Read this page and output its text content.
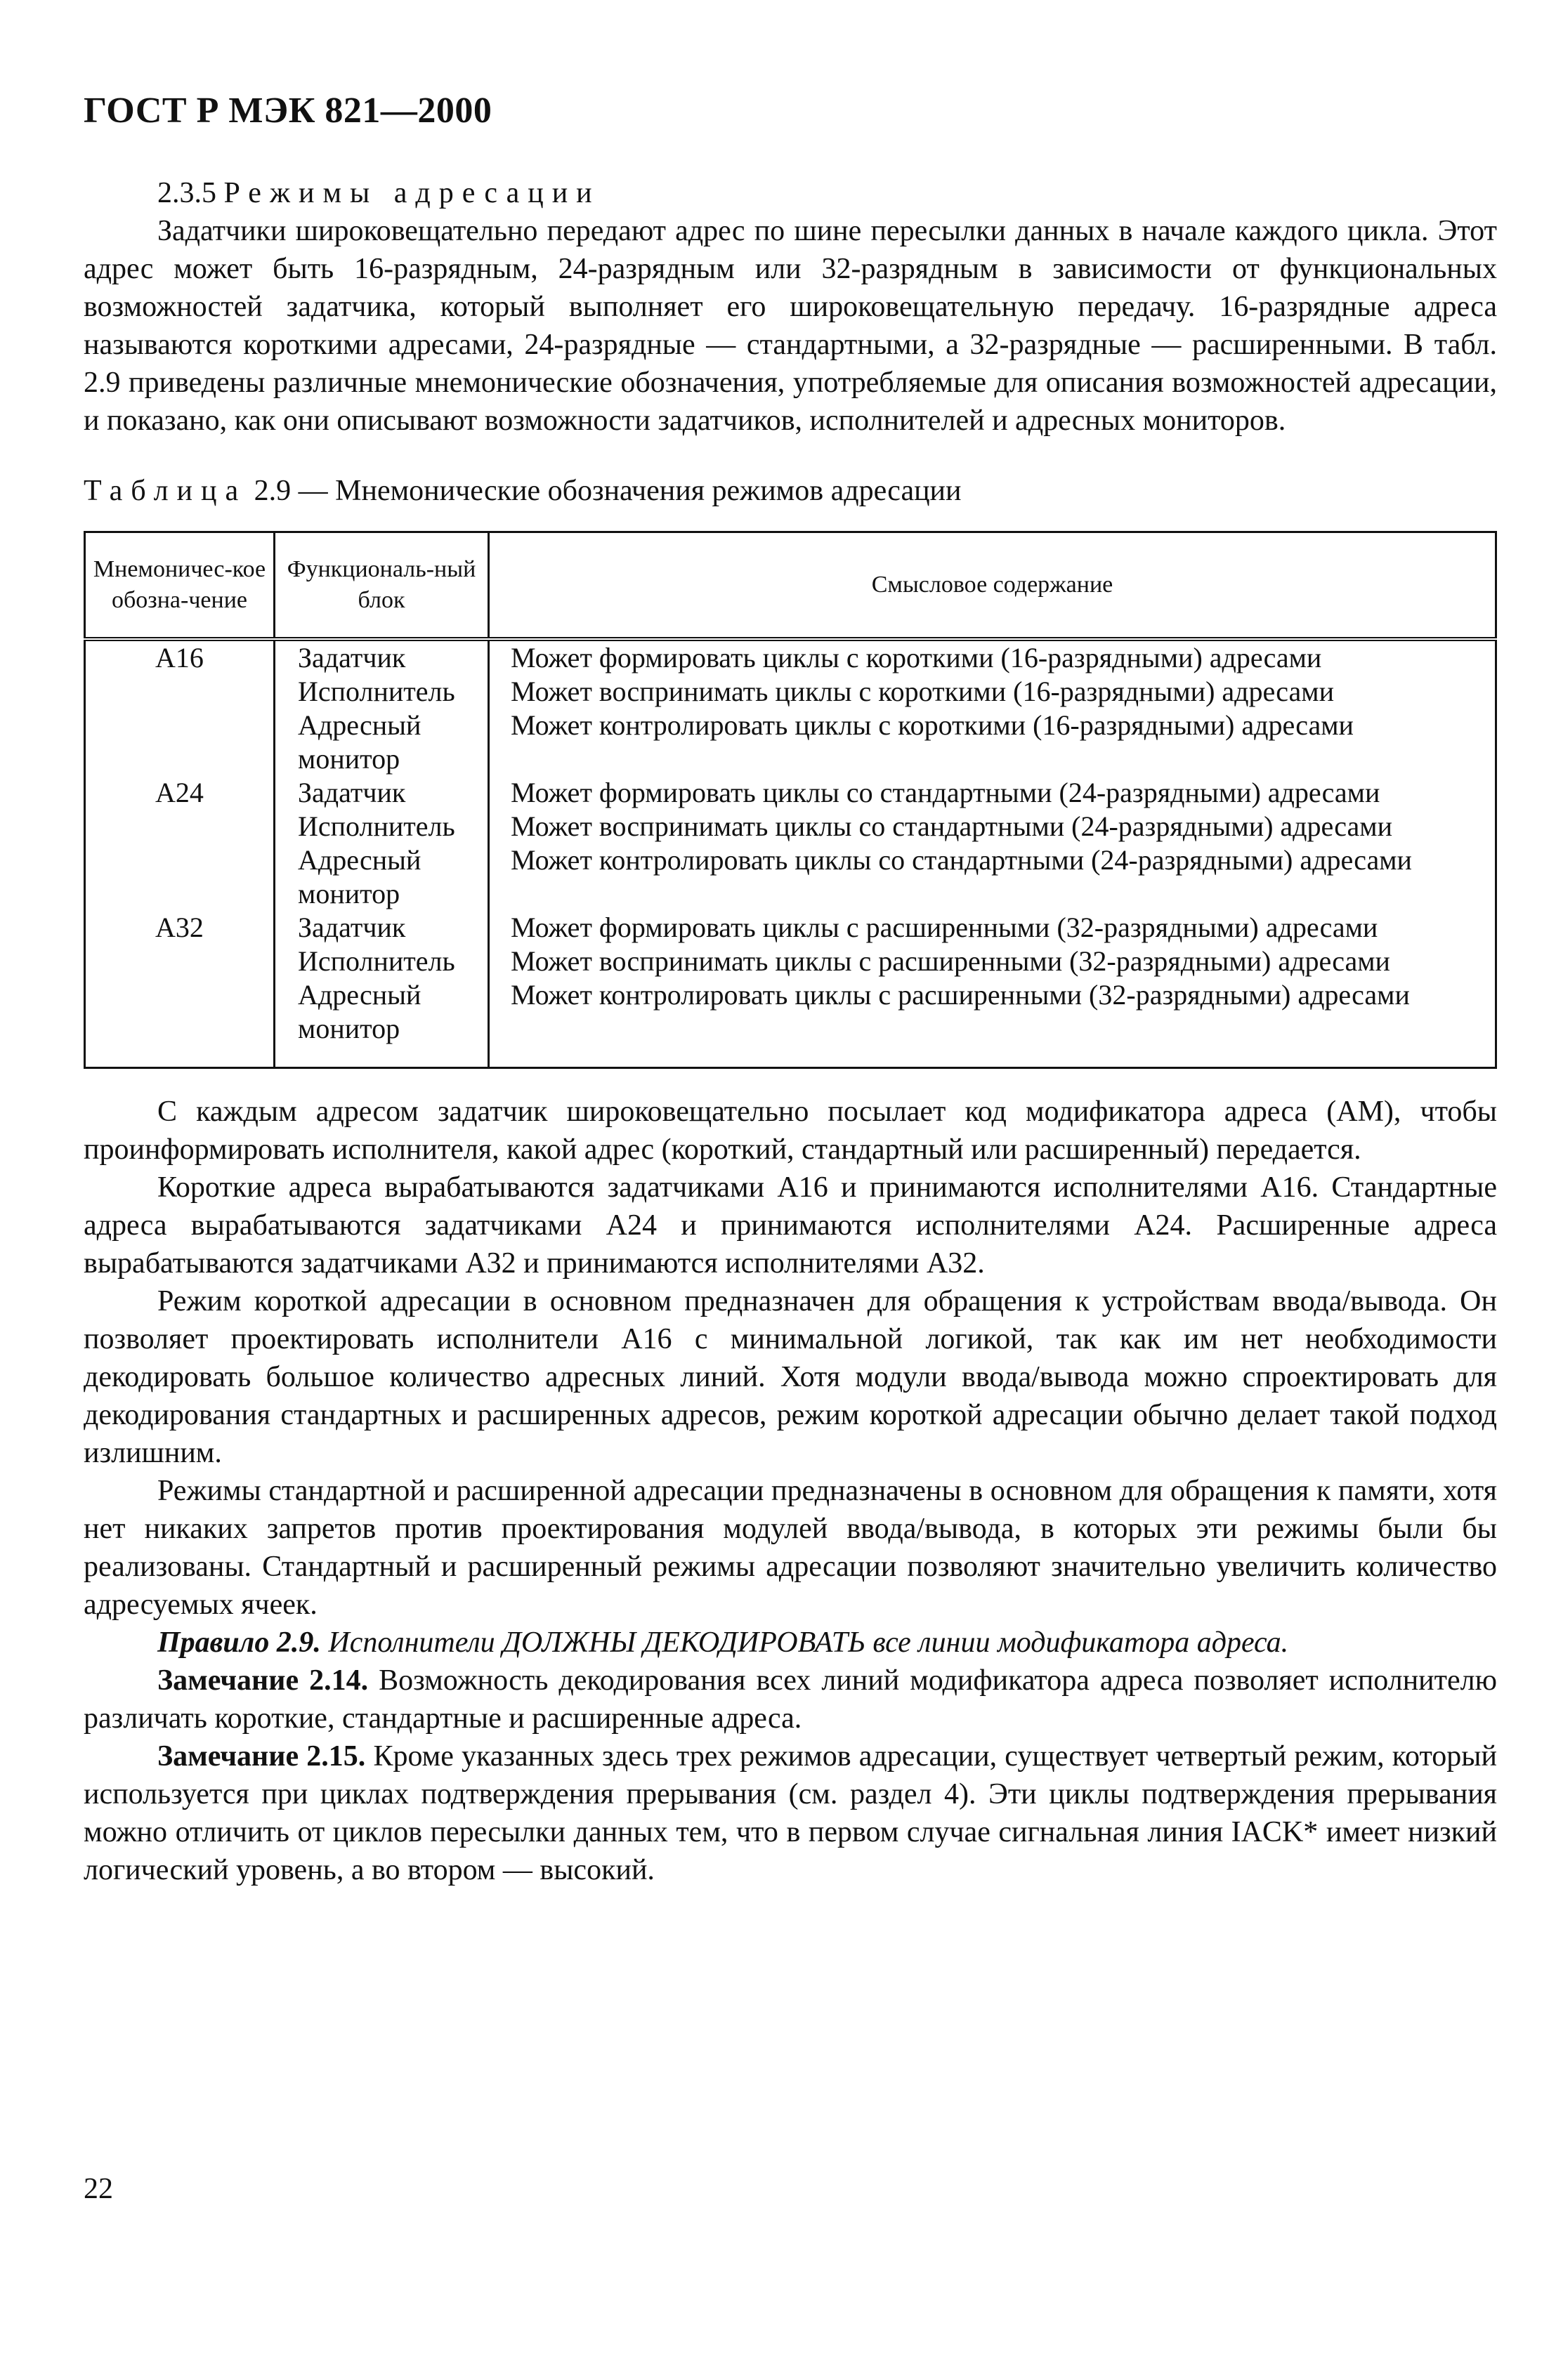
ГОСТ Р МЭК 821—2000

2.3.5 Режимы адресации

Задатчики широковещательно передают адрес по шине пересылки данных в начале каждого цикла. Этот адрес может быть 16-разрядным, 24-разрядным или 32-разрядным в зависимости от функциональных возможностей задатчика, который выполняет его широковещательную передачу. 16-разрядные адреса называются короткими адресами, 24-разрядные — стандартными, а 32-разрядные — расширенными. В табл. 2.9 приведены различные мнемонические обозначения, употребляемые для описания возможностей адресации, и показано, как они описывают возможности задатчиков, исполнителей и адресных мониторов.

Таблица 2.9 — Мнемонические обозначения режимов адресации

Мнемоничес-кое обозна-чение	Функциональ-ный блок	Смысловое содержание
A16	Задатчик	Может формировать циклы с короткими (16-разрядными) адресами
	Исполнитель	Может воспринимать циклы с короткими (16-разрядными) адресами
	Адресный монитор	Может контролировать циклы с короткими (16-разрядными) адресами
A24	Задатчик	Может формировать циклы со стандартными (24-разрядными) адресами
	Исполнитель	Может воспринимать циклы со стандартными (24-разрядными) адресами
	Адресный монитор	Может контролировать циклы со стандартными (24-разрядными) адресами
A32	Задатчик	Может формировать циклы с расширенными (32-разрядными) адресами
	Исполнитель	Может воспринимать циклы с расширенными (32-разрядными) адресами
	Адресный монитор	Может контролировать циклы с расширенными (32-разрядными) адресами

С каждым адресом задатчик широковещательно посылает код модификатора адреса (АМ), чтобы проинформировать исполнителя, какой адрес (короткий, стандартный или расширенный) передается.

Короткие адреса вырабатываются задатчиками А16 и принимаются исполнителями А16. Стандартные адреса вырабатываются задатчиками А24 и принимаются исполнителями А24. Расширенные адреса вырабатываются задатчиками А32 и принимаются исполнителями А32.

Режим короткой адресации в основном предназначен для обращения к устройствам ввода/вывода. Он позволяет проектировать исполнители А16 с минимальной логикой, так как им нет необходимости декодировать большое количество адресных линий. Хотя модули ввода/вывода можно спроектировать для декодирования стандартных и расширенных адресов, режим короткой адресации обычно делает такой подход излишним.

Режимы стандартной и расширенной адресации предназначены в основном для обращения к памяти, хотя нет никаких запретов против проектирования модулей ввода/вывода, в которых эти режимы были бы реализованы. Стандартный и расширенный режимы адресации позволяют значительно увеличить количество адресуемых ячеек.

Правило 2.9. Исполнители ДОЛЖНЫ ДЕКОДИРОВАТЬ все линии модификатора адреса.

Замечание 2.14. Возможность декодирования всех линий модификатора адреса позволяет исполнителю различать короткие, стандартные и расширенные адреса.

Замечание 2.15. Кроме указанных здесь трех режимов адресации, существует четвертый режим, который используется при циклах подтверждения прерывания (см. раздел 4). Эти циклы подтверждения прерывания можно отличить от циклов пересылки данных тем, что в первом случае сигнальная линия IACK* имеет низкий логический уровень, а во втором — высокий.

22
